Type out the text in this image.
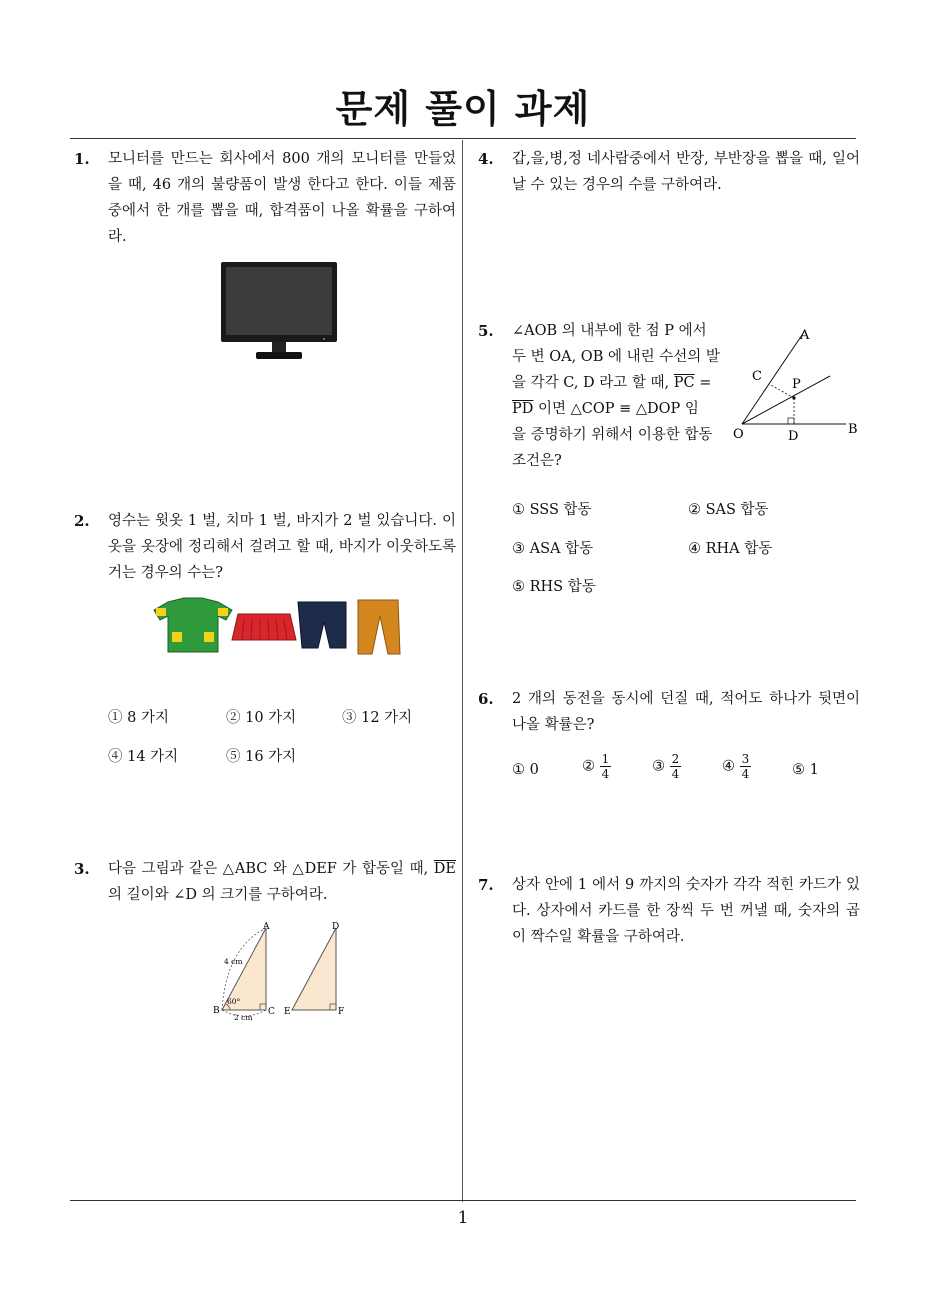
문제 풀이 과제
1. 모니터를 만드는 회사에서 800 개의 모니터를 만들었을 때, 46 개의 불량품이 발생 한다고 한다. 이들 제품중에서 한 개를 뽑을 때, 합격품이 나올 확률을 구하여라.
2. 영수는 윗옷 1 벌, 치마 1 벌, 바지가 2 벌 있습니다. 이 옷을 옷장에 정리해서 걸려고 할 때, 바지가 이웃하도록 거는 경우의 수는?
① 8 가지	② 10 가지	③ 12 가지
④ 14 가지	⑤ 16 가지
3. 다음 그림과 같은 △ABC 와 △DEF 가 합동일 때, $\overline{DE}$ 의 길이와 ∠D 의 크기를 구하여라.
A
B	C
D
E	F
4 cm
2 cm
60°
4. 갑,을,병,정 네사람중에서 반장, 부반장을 뽑을 때, 일어날 수 있는 경우의 수를 구하여라.
5. ∠AOB 의 내부에 한 점 P 에서
두 변 OA, OB 에 내린 수선의 발
을 각각 C, D 라고 할 때, $\overline{PC}$ =
$\overline{PD}$ 이면 △COP ≡ △DOP 임
을 증명하기 위해서 이용한 합동
조건은?
A
B
C
D
O
P
① SSS 합동	② SAS 합동
③ ASA 합동	④ RHA 합동
⑤ RHS 합동
6. 2 개의 동전을 동시에 던질 때, 적어도 하나가 뒷면이 나올 확률은?
① 0	② $\frac{1}{4}$	③ $\frac{2}{4}$	④ $\frac{3}{4}$	⑤ 1
7. 상자 안에 1 에서 9 까지의 숫자가 각각 적힌 카드가 있다. 상자에서 카드를 한 장씩 두 번 꺼낼 때, 숫자의 곱이 짝수일 확률을 구하여라.
1
